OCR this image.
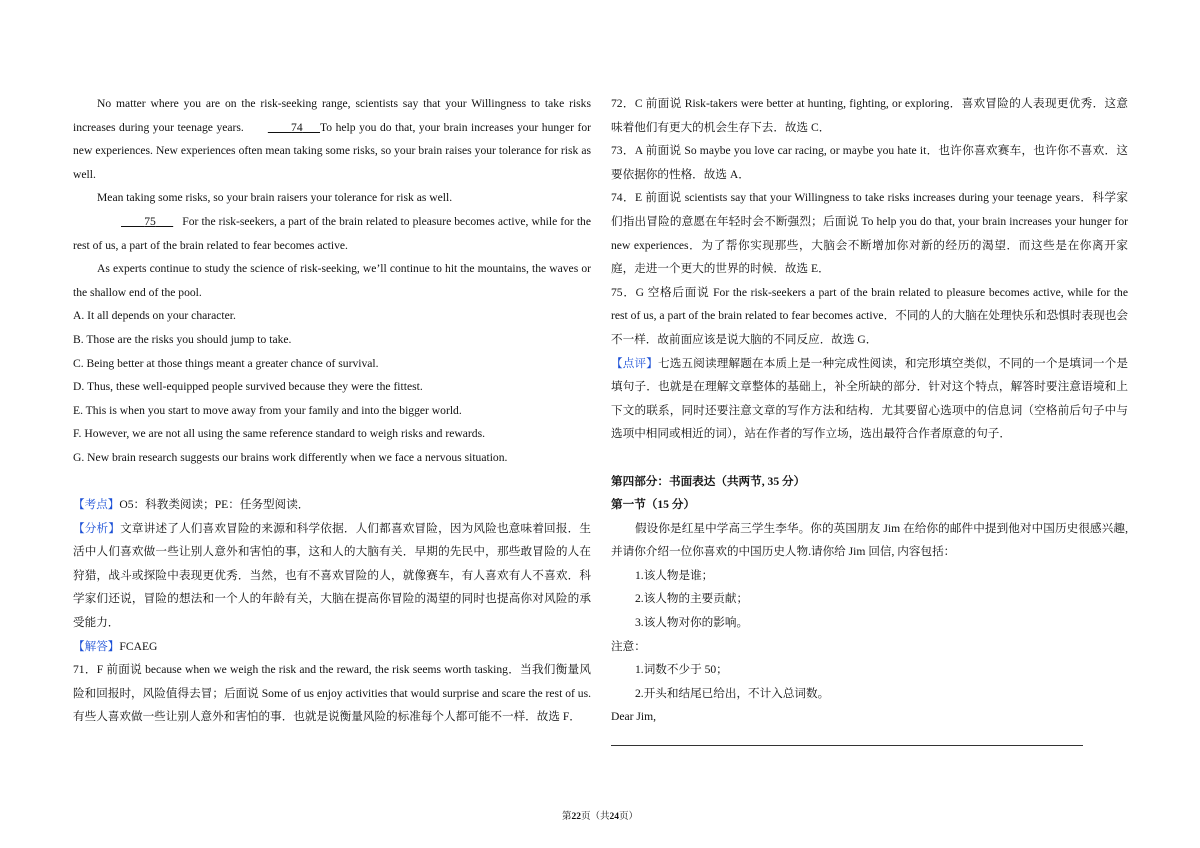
No matter where you are on the risk-seeking range, scientists say that your Willingness to take risks increases during your teenage years.	74 To help you do that, your brain increases your hunger for new experiences. New experiences often mean taking some risks, so your brain raises your tolerance for risk as well.

Mean taking some risks, so your brain raisers your tolerance for risk as well.

75 For the risk-seekers, a part of the brain related to pleasure becomes active, while for the rest of us, a part of the brain related to fear becomes active.

As experts continue to study the science of risk-seeking, we’ll continue to hit the mountains, the waves or the shallow end of the pool.

A. It all depends on your character.

B. Those are the risks you should jump to take.

C. Being better at those things meant a greater chance of survival.

D. Thus, these well-equipped people survived because they were the fittest.

E. This is when you start to move away from your family and into the bigger world.

F. However, we are not all using the same reference standard to weigh risks and rewards.

G. New brain research suggests our brains work differently when we face a nervous situation.

【考点】O5：科教类阅读；PE：任务型阅读．

【分析】文章讲述了人们喜欢冒险的来源和科学依据．人们都喜欢冒险，因为风险也意味着回报．生活中人们喜欢做一些让别人意外和害怕的事，这和人的大脑有关．早期的先民中，那些敢冒险的人在狩猎，战斗或探险中表现更优秀．当然，也有不喜欢冒险的人，就像赛车，有人喜欢有人不喜欢．科学家们还说，冒险的想法和一个人的年龄有关，大脑在提高你冒险的渴望的同时也提高你对风险的承受能力．

【解答】FCAEG

71．F 前面说 because when we weigh the risk and the reward, the risk seems worth tasking．当我们衡量风险和回报时，风险值得去冒；后面说 Some of us enjoy activities that would surprise and scare the rest of us. 有些人喜欢做一些让别人意外和害怕的事．也就是说衡量风险的标准每个人都可能不一样．故选 F．

72．C 前面说 Risk-takers were better at hunting, fighting, or exploring．喜欢冒险的人表现更优秀．这意味着他们有更大的机会生存下去．故选 C．

73．A 前面说 So maybe you love car racing, or maybe you hate it．也许你喜欢赛车，也许你不喜欢．这要依据你的性格．故选 A．

74．E 前面说 scientists say that your Willingness to take risks increases during your teenage years．科学家们指出冒险的意愿在年轻时会不断强烈；后面说 To help you do that, your brain increases your hunger for new experiences．为了帮你实现那些，大脑会不断增加你对新的经历的渴望．而这些是在你离开家庭，走进一个更大的世界的时候．故选 E．

75．G 空格后面说 For the risk-seekers a part of the brain related to pleasure becomes active, while for the rest of us, a part of the brain related to fear becomes active．不同的人的大脑在处理快乐和恐惧时表现也会不一样．故前面应该是说大脑的不同反应．故选 G．

【点评】七选五阅读理解题在本质上是一种完成性阅读，和完形填空类似，不同的一个是填词一个是填句子．也就是在理解文章整体的基础上，补全所缺的部分．针对这个特点，解答时要注意语境和上下文的联系，同时还要注意文章的写作方法和结构．尤其要留心选项中的信息词（空格前后句子中与选项中相同或相近的词），站在作者的写作立场，选出最符合作者原意的句子．

第四部分：书面表达（共两节, 35 分）

第一节（15 分）

假设你是红星中学高三学生李华。你的英国朋友 Jim 在给你的邮件中提到他对中国历史很感兴趣, 并请你介绍一位你喜欢的中国历史人物.请你给 Jim 回信, 内容包括：

1.该人物是谁；

2.该人物的主要贡献；

3.该人物对你的影响。

注意：

1.词数不少于 50；

2.开头和结尾已给出，不计入总词数。

Dear Jim,

第22页（共24页）
